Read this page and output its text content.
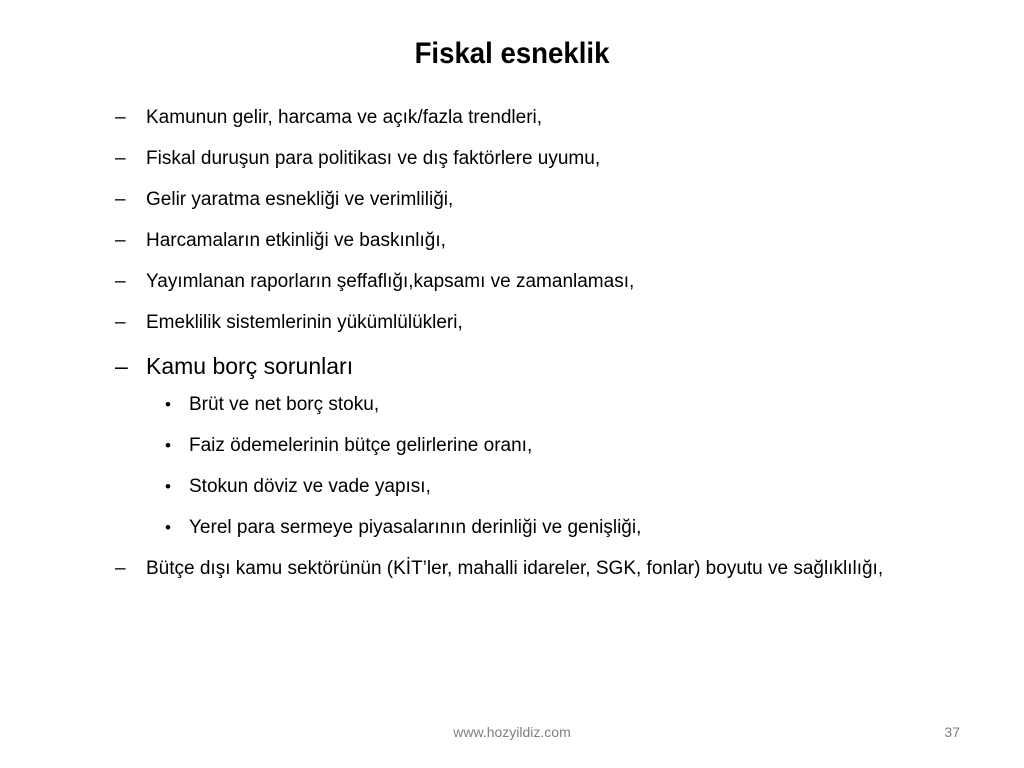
Fiskal esneklik
– Kamunun gelir, harcama ve açık/fazla trendleri,
– Fiskal duruşun para politikası ve dış faktörlere uyumu,
– Gelir yaratma esnekliği ve verimliliği,
– Harcamaların etkinliği ve baskınlığı,
– Yayımlanan raporların şeffaflığı,kapsamı ve zamanlaması,
– Emeklilik sistemlerinin yükümlülükleri,
– Kamu borç sorunları
• Brüt ve net borç stoku,
• Faiz ödemelerinin bütçe gelirlerine oranı,
• Stokun döviz ve vade yapısı,
• Yerel para sermeye piyasalarının derinliği ve genişliği,
– Bütçe dışı kamu sektörünün (KİT’ler, mahalli idareler, SGK, fonlar) boyutu ve sağlıklılığı,
www.hozyildiz.com	37
